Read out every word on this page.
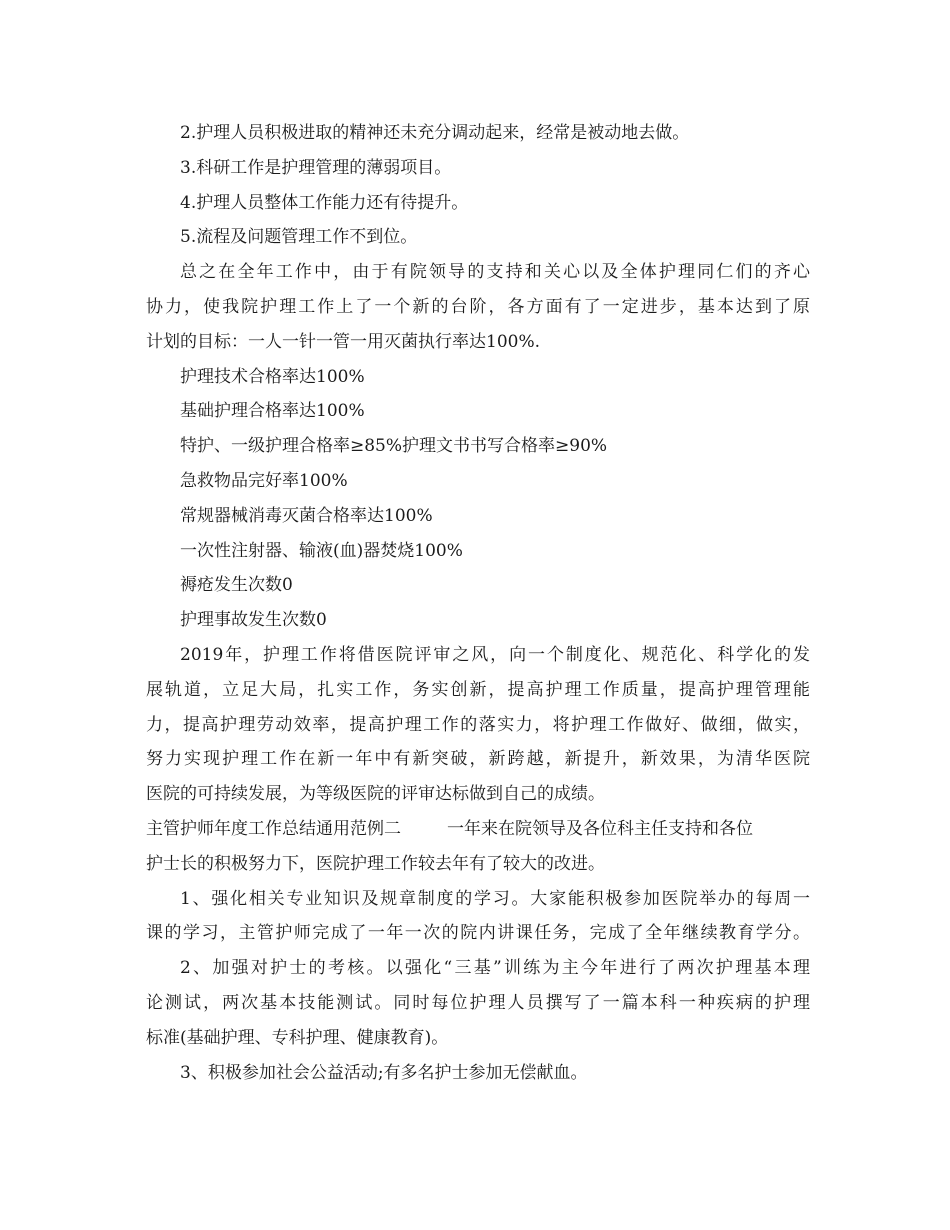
2.护理人员积极进取的精神还未充分调动起来，经常是被动地去做。
3.科研工作是护理管理的薄弱项目。
4.护理人员整体工作能力还有待提升。
5.流程及问题管理工作不到位。
总之在全年工作中，由于有院领导的支持和关心以及全体护理同仁们的齐心
协力，使我院护理工作上了一个新的台阶，各方面有了一定进步，基本达到了原
计划的目标：一人一针一管一用灭菌执行率达100%.
护理技术合格率达100%
基础护理合格率达100%
特护、一级护理合格率≥85%护理文书书写合格率≥90%
急救物品完好率100%
常规器械消毒灭菌合格率达100%
一次性注射器、输液(血)器焚烧100%
褥疮发生次数0
护理事故发生次数0
2019年，护理工作将借医院评审之风，向一个制度化、规范化、科学化的发
展轨道，立足大局，扎实工作，务实创新，提高护理工作质量，提高护理管理能
力，提高护理劳动效率，提高护理工作的落实力，将护理工作做好、做细，做实，
努力实现护理工作在新一年中有新突破，新跨越，新提升，新效果，为清华医院
医院的可持续发展，为等级医院的评审达标做到自己的成绩。
主管护师年度工作总结通用范例二	一年来在院领导及各位科主任支持和各位
护士长的积极努力下，医院护理工作较去年有了较大的改进。
1、强化相关专业知识及规章制度的学习。大家能积极参加医院举办的每周一
课的学习，主管护师完成了一年一次的院内讲课任务，完成了全年继续教育学分。
2、加强对护士的考核。以强化“三基”训练为主今年进行了两次护理基本理
论测试，两次基本技能测试。同时每位护理人员撰写了一篇本科一种疾病的护理
标准(基础护理、专科护理、健康教育)。
3、积极参加社会公益活动;有多名护士参加无偿献血。
